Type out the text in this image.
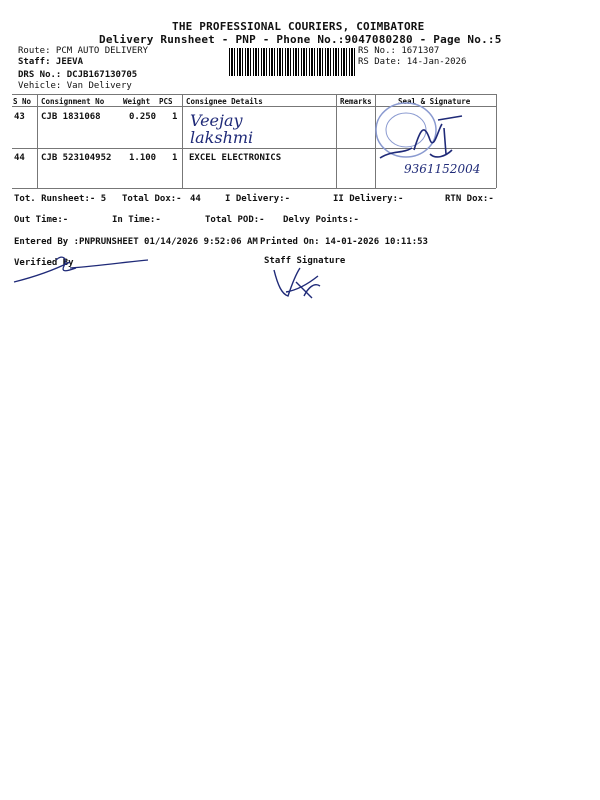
THE PROFESSIONAL COURIERS, COIMBATORE
Delivery Runsheet - PNP - Phone No.:9047080280 - Page No.:5
Route: PCM AUTO DELIVERY
Staff: JEEVA
DRS No.: DCJB167130705
Vehicle: Van Delivery
RS No.: 1671307
RS Date: 14-Jan-2026
S No Consignment No	Weight PCS Consignee Details	Remarks	Seal & Signature
43 CJB 1831068	0.250 1 Veejay lakshmi
44 CJB 523104952 1.100 1 EXCEL ELECTRONICS
9361152004
Tot. Runsheet:- 5 Total Dox:- 44	I Delivery:-	II Delivery:-	RTN Dox:-
Out Time:-	In Time:-	Total POD:- Delvy Points:-
Entered By :PNPRUNSHEET 01/14/2026 9:52:06 AM Printed On: 14-01-2026 10:11:53
Verified By	Staff Signature
